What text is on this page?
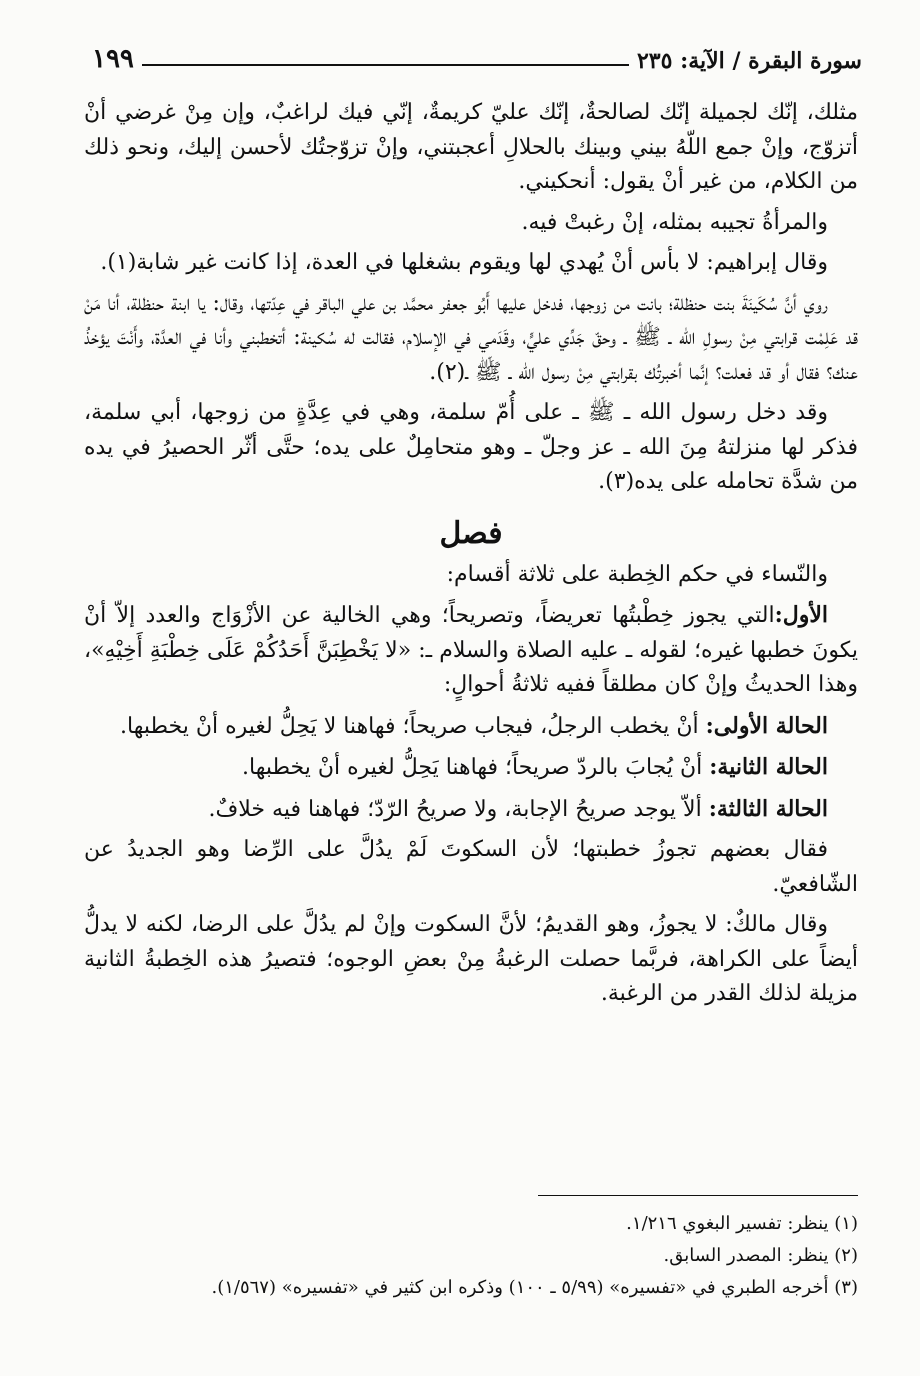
سورة البقرة / الآية: ٢٣٥
١٩٩

مثلك، إنّك لجميلة إنّك لصالحةٌ، إنّك عليّ كريمةٌ، إنّي فيك لراغبٌ، وإن مِنْ غرضي أنْ أتزوّج، وإنْ جمع اللّهُ بيني وبينك بالحلالِ أعجبتني، وإنْ تزوّجتُك لأحسن إليك، ونحو ذلك من الكلام، من غير أنْ يقول: أنحكيني.

والمرأةُ تجيبه بمثله، إنْ رغبتْ فيه.

وقال إبراهيم: لا بأس أنْ يُهدي لها ويقوم بشغلها في العدة، إذا كانت غير شابة(١).

روي أنَّ سُكَينَةَ بنت حنظلة؛ بانت من زوجها، فدخل عليها أَبُو جعفر محمَّد بن علي الباقر في عِدّتها، وقال: يا ابنة حنظلة، أنا مَنْ قد عَلِمْت قرابتي مِنْ رسولِ الله ـ ﷺ ـ وحقّ جَدِّي عليٍّ، وقَدَمي في الإسلام، فقالت له سُكينة: أتخطبني وأنا في العدَّة، وأَنْتَ يؤخذُ عنك؟ فقال أو قد فعلت؟ إنَّما أخبرتُك بقرابتي مِنْ رسول الله ـ ﷺ ـ(٢).

وقد دخل رسول الله ـ ﷺ ـ على أُمّ سلمة، وهي في عِدَّةٍ من زوجها، أبي سلمة، فذكر لها منزلتهُ مِنَ الله ـ عز وجلّ ـ وهو متحامِلٌ على يده؛ حتَّى أثّر الحصيرُ في يده من شدَّة تحامله على يده(٣).

فصل

والنّساء في حكم الخِطبة على ثلاثة أقسام:

الأول:التي يجوز خِطْبتُها تعريضاً، وتصريحاً؛ وهي الخالية عن الأزْوَاج والعدد إلاّ أنْ يكونَ خطبها غيره؛ لقوله ـ عليه الصلاة والسلام ـ: «لا يَخْطِبَنَّ أَحَدُكُمْ عَلَى خِطْبَةِ أَخِيْهِ»، وهذا الحديثُ وإنْ كان مطلقاً ففيه ثلاثةُ أحوالٍ:

الحالة الأولى: أنْ يخطب الرجلُ، فيجاب صريحاً؛ فهاهنا لا يَحِلُّ لغيره أنْ يخطبها.

الحالة الثانية: أنْ يُجابَ بالردّ صريحاً؛ فهاهنا يَحِلُّ لغيره أنْ يخطبها.

الحالة الثالثة: ألاّ يوجد صريحُ الإجابة، ولا صريحُ الرّدّ؛ فهاهنا فيه خلافٌ.

فقال بعضهم تجوزُ خطبتها؛ لأن السكوتَ لَمْ يدُلَّ على الرِّضا وهو الجديدُ عن الشّافعيّ.

وقال مالكٌ: لا يجوزُ، وهو القديمُ؛ لأنَّ السكوت وإنْ لم يدُلَّ على الرضا، لكنه لا يدلُّ أيضاً على الكراهة، فربَّما حصلت الرغبةُ مِنْ بعضِ الوجوه؛ فتصيرُ هذه الخِطبةُ الثانية مزيلة لذلك القدر من الرغبة.

(١) ينظر: تفسير البغوي ١/٢١٦.
(٢) ينظر: المصدر السابق.
(٣) أخرجه الطبري في «تفسيره» (٥/٩٩ ـ ١٠٠) وذكره ابن كثير في «تفسيره» (١/٥٦٧).
